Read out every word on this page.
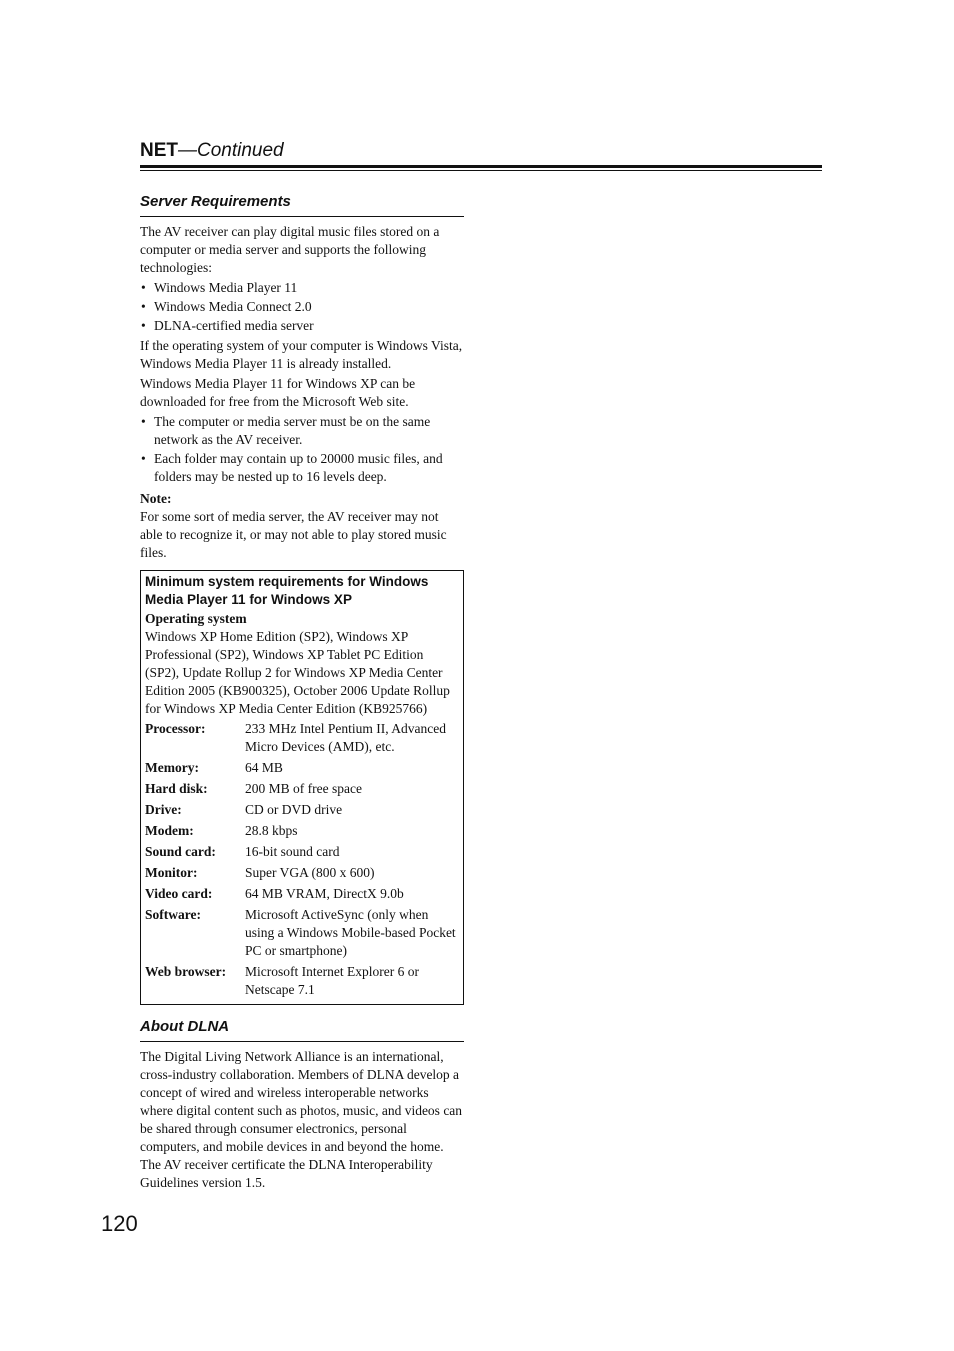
NET—Continued
Server Requirements

The AV receiver can play digital music files stored on a computer or media server and supports the following technologies:

• Windows Media Player 11
• Windows Media Connect 2.0
• DLNA-certified media server

If the operating system of your computer is Windows Vista, Windows Media Player 11 is already installed.

Windows Media Player 11 for Windows XP can be downloaded for free from the Microsoft Web site.

• The computer or media server must be on the same network as the AV receiver.
• Each folder may contain up to 20000 music files, and folders may be nested up to 16 levels deep.
Note:

For some sort of media server, the AV receiver may not able to recognize it, or may not able to play stored music files.

Minimum system requirements for Windows Media Player 11 for Windows XP
Operating system
Windows XP Home Edition (SP2), Windows XP Professional (SP2), Windows XP Tablet PC Edition (SP2), Update Rollup 2 for Windows XP Media Center Edition 2005 (KB900325), October 2006 Update Rollup for Windows XP Media Center Edition (KB925766)
Processor:	233 MHz Intel Pentium II, Advanced Micro Devices (AMD), etc.
Memory:	64 MB
Hard disk:	200 MB of free space
Drive:	CD or DVD drive
Modem:	28.8 kbps
Sound card:	16-bit sound card
Monitor:	Super VGA (800 x 600)
Video card:	64 MB VRAM, DirectX 9.0b
Software:	Microsoft ActiveSync (only when using a Windows Mobile-based Pocket PC or smartphone)
Web browser:	Microsoft Internet Explorer 6 or Netscape 7.1
About DLNA

The Digital Living Network Alliance is an international, cross-industry collaboration. Members of DLNA develop a concept of wired and wireless interoperable networks where digital content such as photos, music, and videos can be shared through consumer electronics, personal computers, and mobile devices in and beyond the home. The AV receiver certificate the DLNA Interoperability Guidelines version 1.5.

120
